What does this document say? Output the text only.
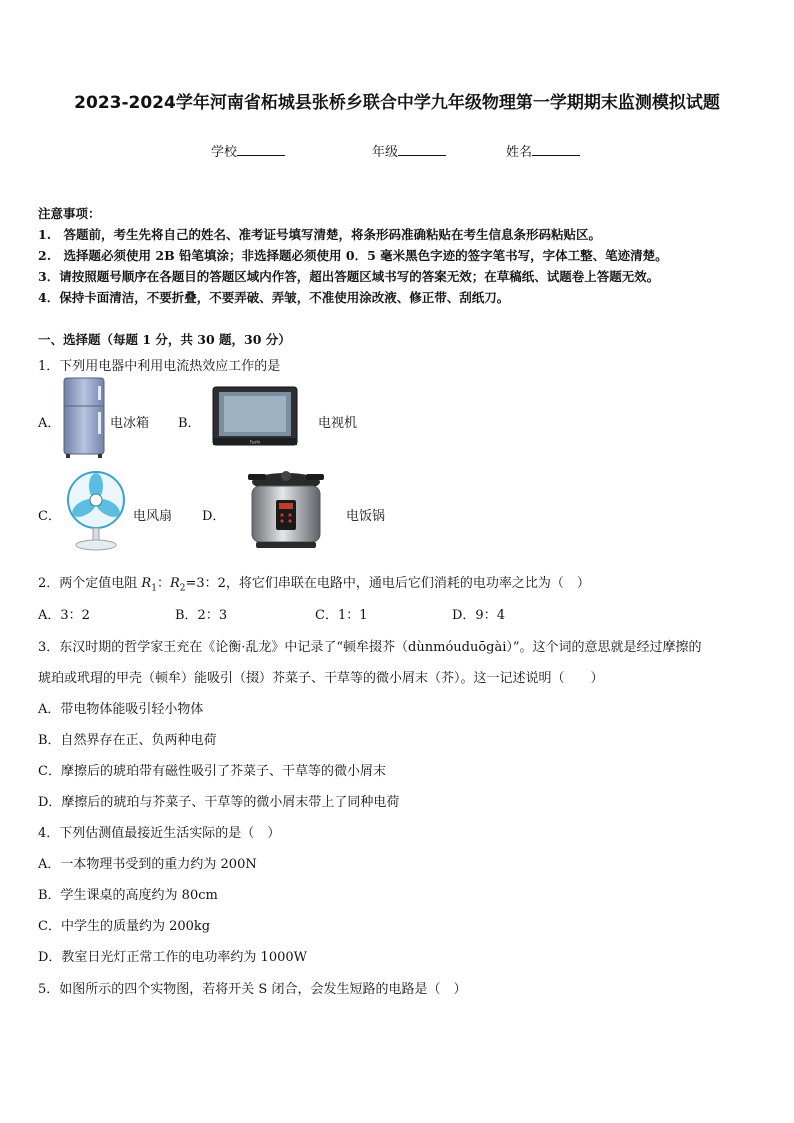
2023-2024学年河南省柘城县张桥乡联合中学九年级物理第一学期期末监测模拟试题
学校	年级	姓名
注意事项：
1.　答题前，考生先将自己的姓名、准考证号填写清楚，将条形码准确粘贴在考生信息条形码粘贴区。
2.　选择题必须使用 2B 铅笔填涂；非选择题必须使用 0．5 毫米黑色字迹的签字笔书写，字体工整、笔迹清楚。
3．请按照题号顺序在各题目的答题区域内作答，超出答题区域书写的答案无效；在草稿纸、试题卷上答题无效。
4．保持卡面清洁，不要折叠，不要弄破、弄皱，不准使用涂改液、修正带、刮纸刀。
一、选择题（每题 1 分，共 30 题，30 分）
1．下列用电器中利用电流热效应工作的是
A．	电冰箱 B．
Fuzhi
电视机
C．	电风扇 D．	电饭锅
2．两个定值电阻 $R_1$：$R_2=3$：2，将它们串联在电路中，通电后它们消耗的电功率之比为（　）
A．3：2	B．2：3	C．1：1	D．9：4
3．东汉时期的哲学家王充在《论衡·乱龙》中记录了“顿牟掇芥（dùnmóuduōgài）”。这个词的意思就是经过摩擦的
琥珀或玳瑁的甲壳（顿牟）能吸引（掇）芥菜子、干草等的微小屑末（芥）。这一记述说明（　　）
A．带电物体能吸引轻小物体
B．自然界存在正、负两种电荷
C．摩擦后的琥珀带有磁性吸引了芥菜子、干草等的微小屑末
D．摩擦后的琥珀与芥菜子、干草等的微小屑末带上了同种电荷
4．下列估测值最接近生活实际的是（　）
A．一本物理书受到的重力约为 200N
B．学生课桌的高度约为 80cm
C．中学生的质量约为 200kg
D．教室日光灯正常工作的电功率约为 1000W
5．如图所示的四个实物图，若将开关 S 闭合，会发生短路的电路是（　）
